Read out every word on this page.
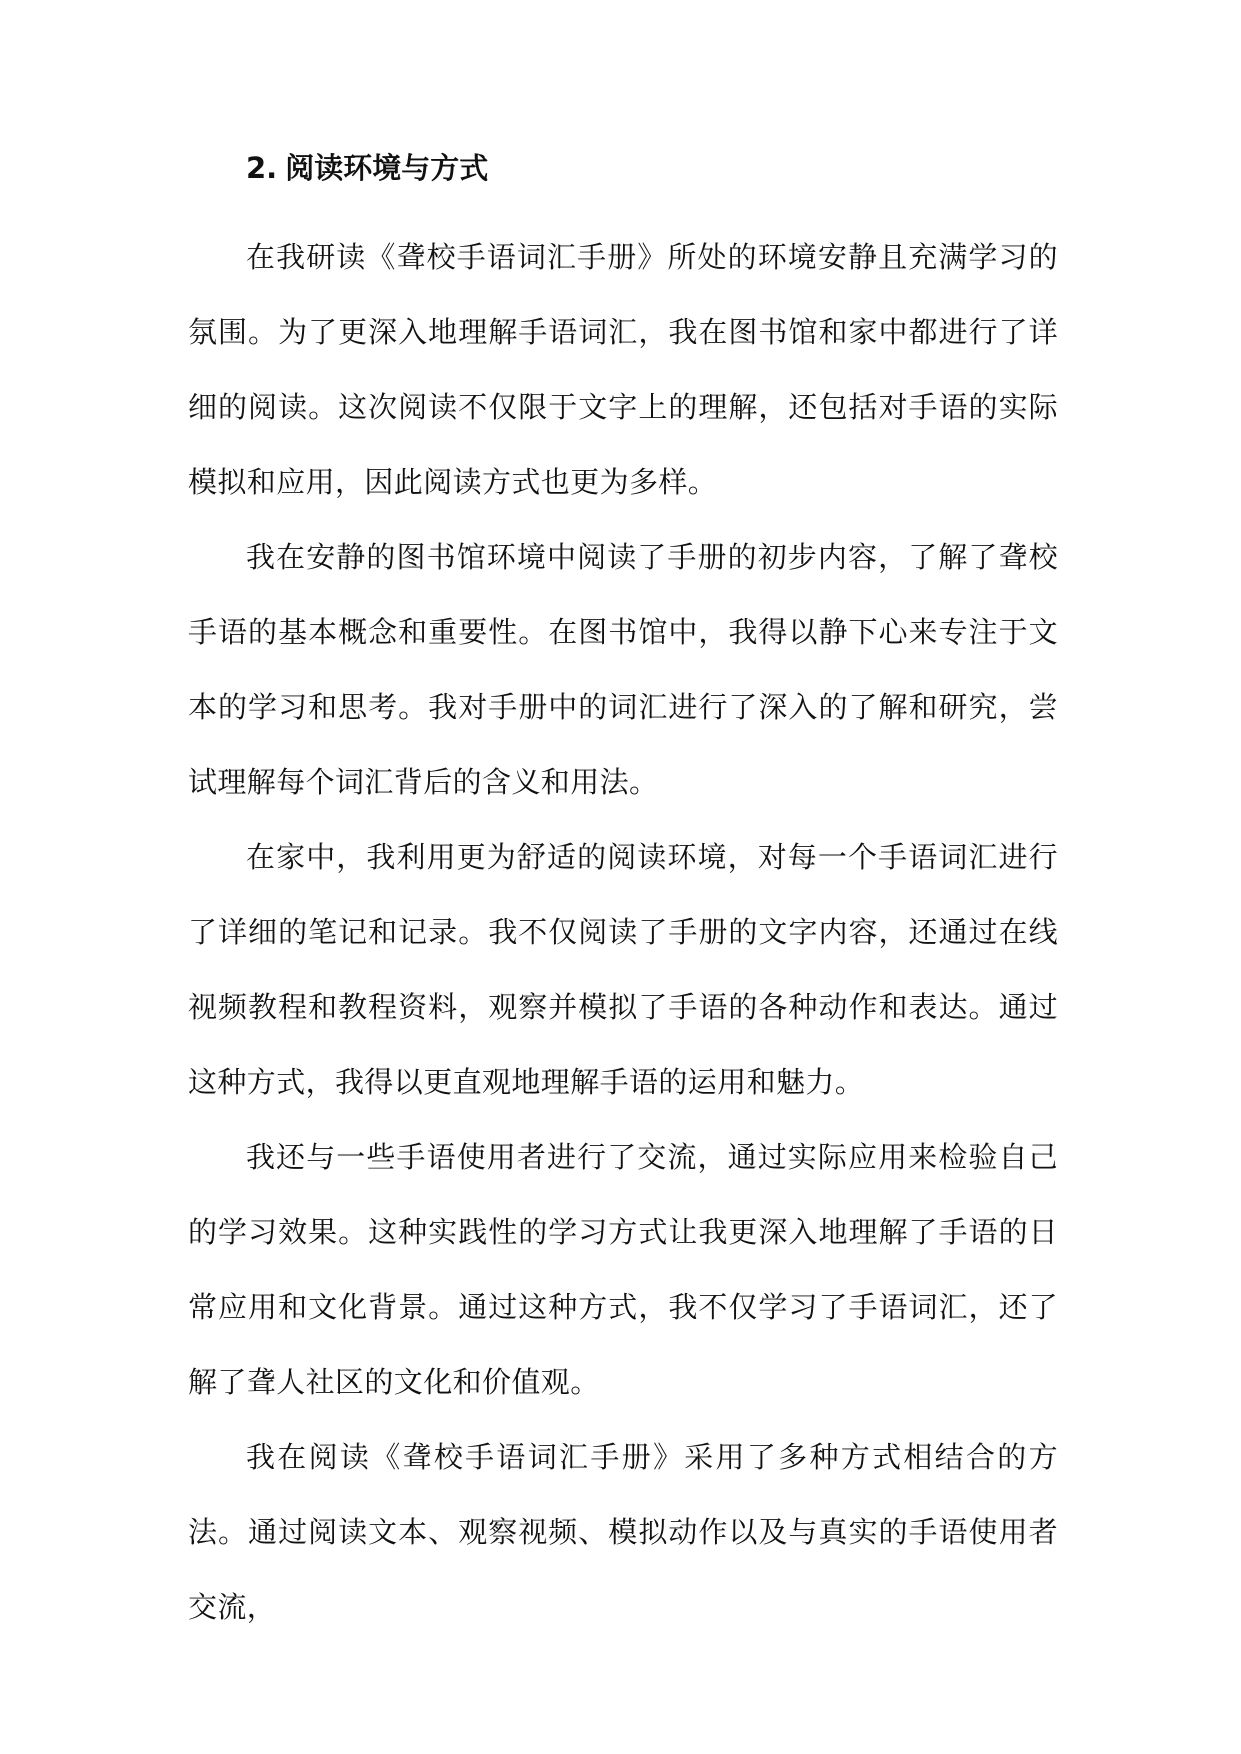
2. 阅读环境与方式

在我研读《聋校手语词汇手册》所处的环境安静且充满学习的氛围。为了更深入地理解手语词汇，我在图书馆和家中都进行了详细的阅读。这次阅读不仅限于文字上的理解，还包括对手语的实际模拟和应用，因此阅读方式也更为多样。

我在安静的图书馆环境中阅读了手册的初步内容，了解了聋校手语的基本概念和重要性。在图书馆中，我得以静下心来专注于文本的学习和思考。我对手册中的词汇进行了深入的了解和研究，尝试理解每个词汇背后的含义和用法。

在家中，我利用更为舒适的阅读环境，对每一个手语词汇进行了详细的笔记和记录。我不仅阅读了手册的文字内容，还通过在线视频教程和教程资料，观察并模拟了手语的各种动作和表达。通过这种方式，我得以更直观地理解手语的运用和魅力。

我还与一些手语使用者进行了交流，通过实际应用来检验自己的学习效果。这种实践性的学习方式让我更深入地理解了手语的日常应用和文化背景。通过这种方式，我不仅学习了手语词汇，还了解了聋人社区的文化和价值观。

我在阅读《聋校手语词汇手册》采用了多种方式相结合的方法。通过阅读文本、观察视频、模拟动作以及与真实的手语使用者交流，
